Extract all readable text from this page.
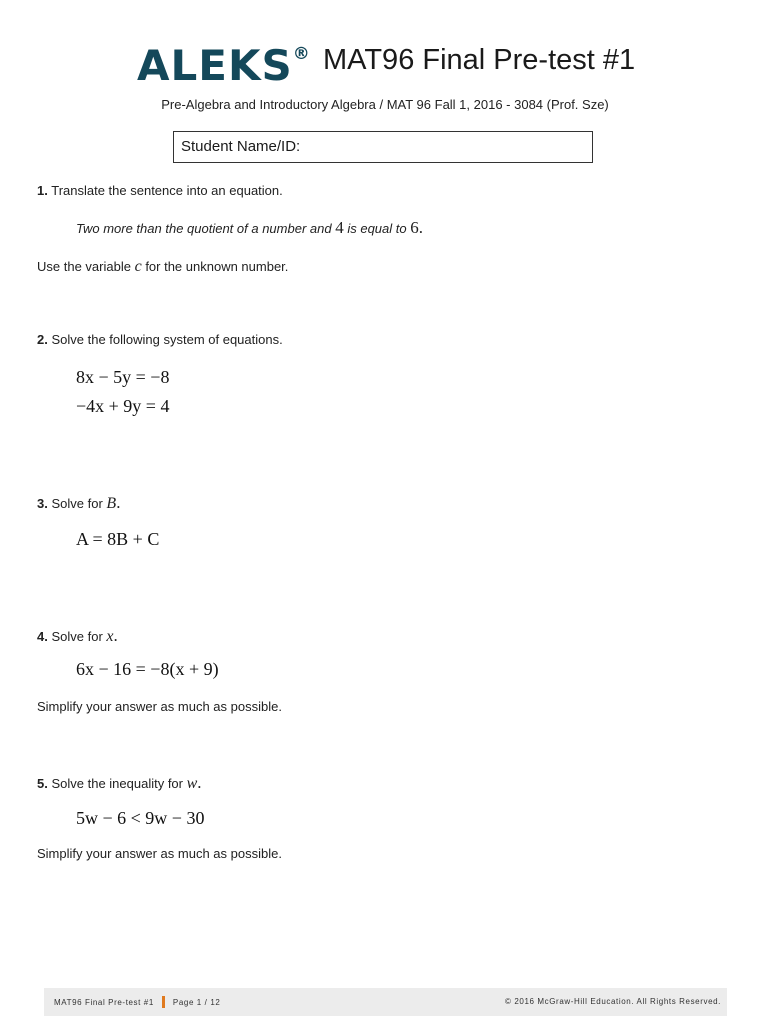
ALEKS® MAT96 Final Pre-test #1
Pre-Algebra and Introductory Algebra / MAT 96 Fall 1, 2016 - 3084 (Prof. Sze)
Student Name/ID:
1. Translate the sentence into an equation.
Two more than the quotient of a number and 4 is equal to 6.
Use the variable c for the unknown number.
2. Solve the following system of equations.
8x − 5y = −8
−4x + 9y = 4
3. Solve for B.
A = 8B + C
4. Solve for x.
6x − 16 = −8(x + 9)
Simplify your answer as much as possible.
5. Solve the inequality for w.
5w − 6 < 9w − 30
Simplify your answer as much as possible.
MAT96 Final Pre-test #1 Page 1 / 12	© 2016 McGraw-Hill Education. All Rights Reserved.
